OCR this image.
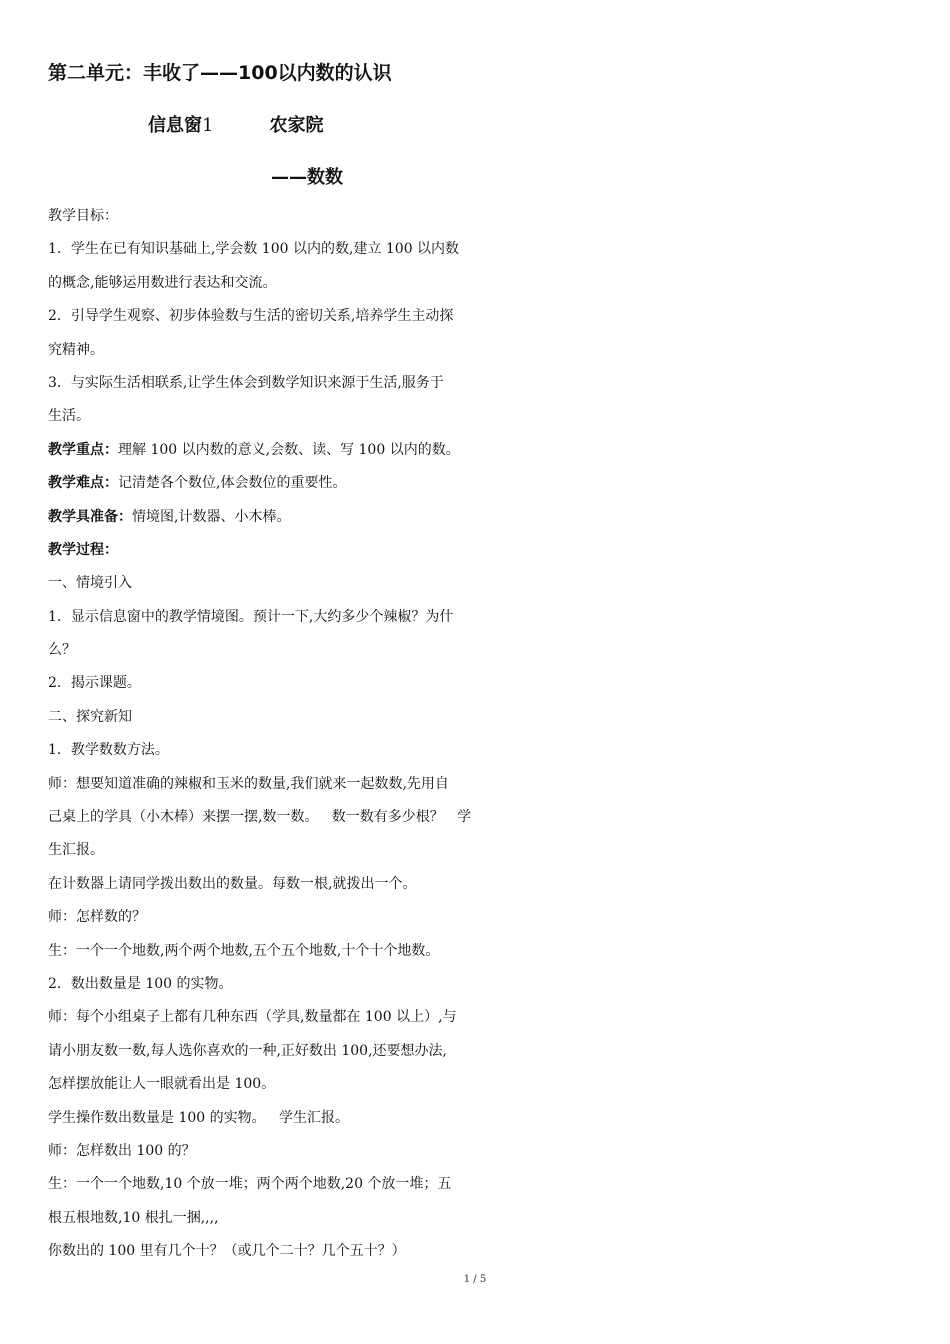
第二单元：丰收了——100以内数的认识
信息窗1	农家院
——数数
教学目标：
1．学生在已有知识基础上,学会数 100 以内的数,建立 100 以内数
的概念,能够运用数进行表达和交流。
2．引导学生观察、初步体验数与生活的密切关系,培养学生主动探
究精神。
3．与实际生活相联系,让学生体会到数学知识来源于生活,服务于
生活。
教学重点：理解 100 以内数的意义,会数、读、写 100 以内的数。
教学难点：记清楚各个数位,体会数位的重要性。
教学具准备：情境图,计数器、小木棒。
教学过程：
一、情境引入
1．显示信息窗中的教学情境图。预计一下,大约多少个辣椒？为什
么？
2．揭示课题。
二、探究新知
1．教学数数方法。
师：想要知道准确的辣椒和玉米的数量,我们就来一起数数,先用自
己桌上的学具（小木棒）来摆一摆,数一数。   数一数有多少根？   学
生汇报。
在计数器上请同学拨出数出的数量。每数一根,就拨出一个。
师：怎样数的？
生：一个一个地数,两个两个地数,五个五个地数,十个十个地数。
2．数出数量是 100 的实物。
师：每个小组桌子上都有几种东西（学具,数量都在 100 以上）,与
请小朋友数一数,每人选你喜欢的一种,正好数出 100,还要想办法,
怎样摆放能让人一眼就看出是 100。
学生操作数出数量是 100 的实物。   学生汇报。
师：怎样数出 100 的？
生：一个一个地数,10 个放一堆；两个两个地数,20 个放一堆；五
根五根地数,10 根扎一捆,,,,
你数出的 100 里有几个十？（或几个二十？几个五十？）
1 / 5
